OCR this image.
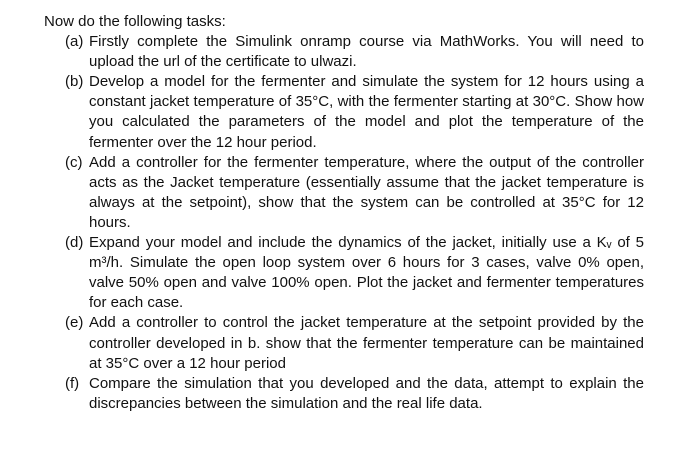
Now do the following tasks:

(a) Firstly complete the Simulink onramp course via MathWorks. You will need to upload the url of the certificate to ulwazi.
(b) Develop a model for the fermenter and simulate the system for 12 hours using a constant jacket temperature of 35°C, with the fermenter starting at 30°C. Show how you calculated the parameters of the model and plot the temperature of the fermenter over the 12 hour period.
(c) Add a controller for the fermenter temperature, where the output of the controller acts as the Jacket temperature (essentially assume that the jacket temperature is always at the setpoint), show that the system can be controlled at 35°C for 12 hours.
(d) Expand your model and include the dynamics of the jacket, initially use a Kᵥ of 5 m³/h. Simulate the open loop system over 6 hours for 3 cases, valve 0% open, valve 50% open and valve 100% open. Plot the jacket and fermenter temperatures for each case.
(e) Add a controller to control the jacket temperature at the setpoint provided by the controller developed in b. show that the fermenter temperature can be maintained at 35°C over a 12 hour period
(f) Compare the simulation that you developed and the data, attempt to explain the discrepancies between the simulation and the real life data.
